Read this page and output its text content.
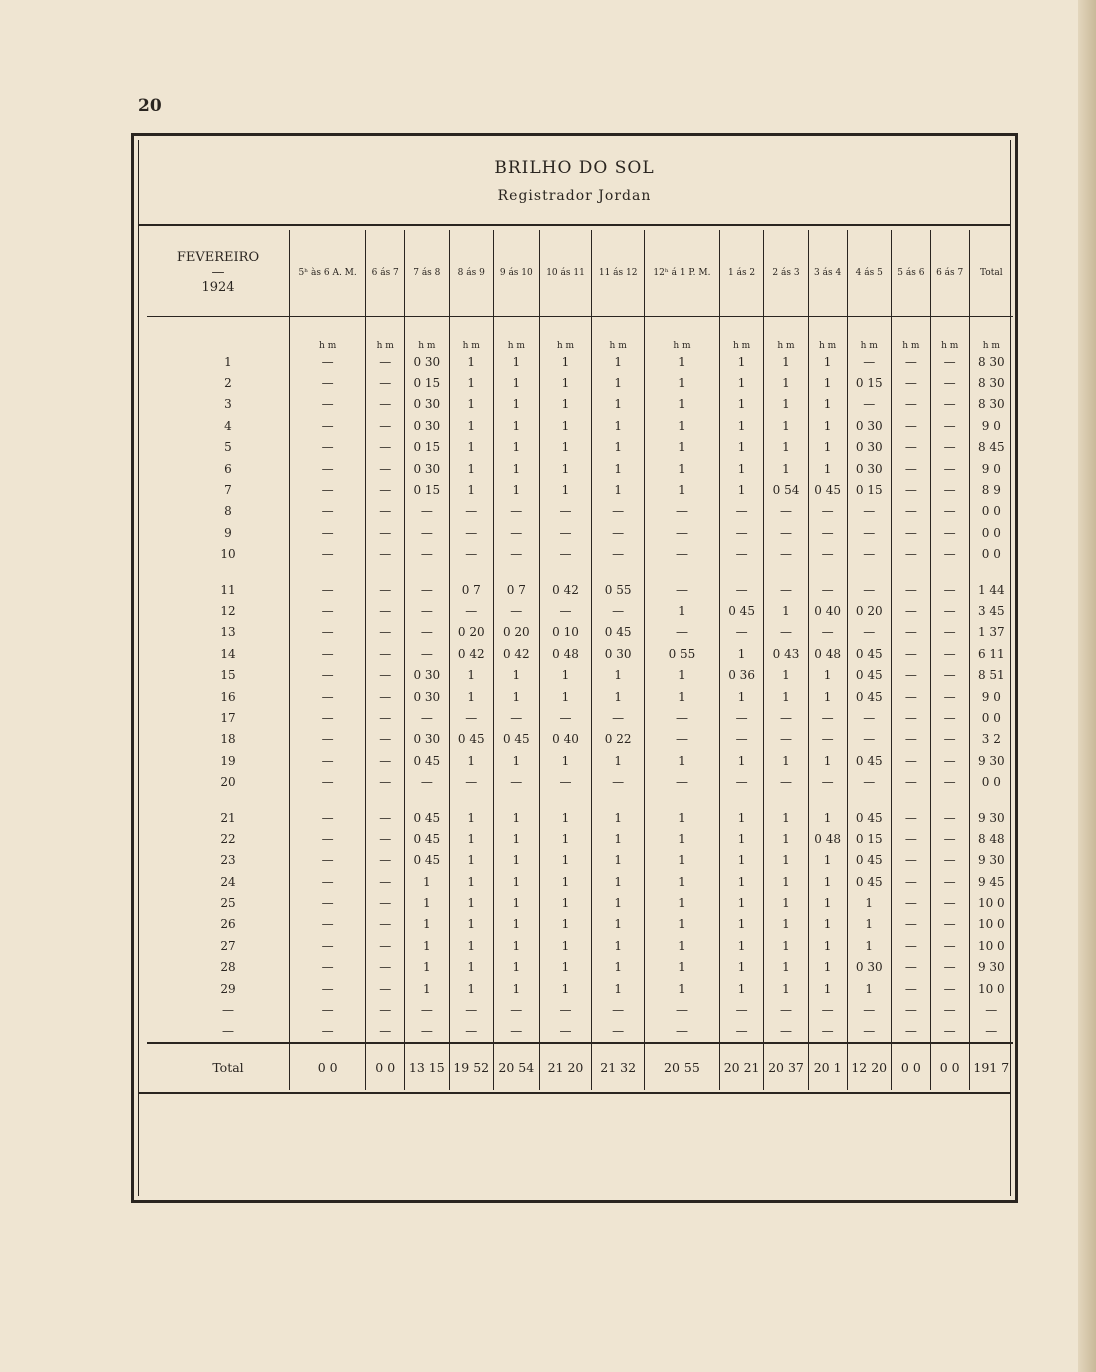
20
BRILHO DO SOL
Registrador Jordan
FEVEREIRO
—
1924	5ʰ às 6 A. M.	6 ás 7	7 ás 8	8 ás 9	9 ás 10	10 ás 11	11 ás 12	12ʰ á 1 P. M.	1 ás 2	2 ás 3	3 ás 4	4 ás 5	5 ás 6	6 ás 7	Total
	h m	h m	h m	h m	h m	h m	h m	h m	h m	h m	h m	h m	h m	h m	h m
1	—	—	0 30	1	1	1	1	1	1	1	1	—	—	—	8 30
2	—	—	0 15	1	1	1	1	1	1	1	1	0 15	—	—	8 30
3	—	—	0 30	1	1	1	1	1	1	1	1	—	—	—	8 30
4	—	—	0 30	1	1	1	1	1	1	1	1	0 30	—	—	9 0
5	—	—	0 15	1	1	1	1	1	1	1	1	0 30	—	—	8 45
6	—	—	0 30	1	1	1	1	1	1	1	1	0 30	—	—	9 0
7	—	—	0 15	1	1	1	1	1	1	0 54	0 45	0 15	—	—	8 9
8	—	—	—	—	—	—	—	—	—	—	—	—	—	—	0 0
9	—	—	—	—	—	—	—	—	—	—	—	—	—	—	0 0
10	—	—	—	—	—	—	—	—	—	—	—	—	—	—	0 0

11	—	—	—	0 7	0 7	0 42	0 55	—	—	—	—	—	—	—	1 44
12	—	—	—	—	—	—	—	1	0 45	1	0 40	0 20	—	—	3 45
13	—	—	—	0 20	0 20	0 10	0 45	—	—	—	—	—	—	—	1 37
14	—	—	—	0 42	0 42	0 48	0 30	0 55	1	0 43	0 48	0 45	—	—	6 11
15	—	—	0 30	1	1	1	1	1	0 36	1	1	0 45	—	—	8 51
16	—	—	0 30	1	1	1	1	1	1	1	1	0 45	—	—	9 0
17	—	—	—	—	—	—	—	—	—	—	—	—	—	—	0 0
18	—	—	0 30	0 45	0 45	0 40	0 22	—	—	—	—	—	—	—	3 2
19	—	—	0 45	1	1	1	1	1	1	1	1	0 45	—	—	9 30
20	—	—	—	—	—	—	—	—	—	—	—	—	—	—	0 0

21	—	—	0 45	1	1	1	1	1	1	1	1	0 45	—	—	9 30
22	—	—	0 45	1	1	1	1	1	1	1	0 48	0 15	—	—	8 48
23	—	—	0 45	1	1	1	1	1	1	1	1	0 45	—	—	9 30
24	—	—	1	1	1	1	1	1	1	1	1	0 45	—	—	9 45
25	—	—	1	1	1	1	1	1	1	1	1	1	—	—	10 0
26	—	—	1	1	1	1	1	1	1	1	1	1	—	—	10 0
27	—	—	1	1	1	1	1	1	1	1	1	1	—	—	10 0
28	—	—	1	1	1	1	1	1	1	1	1	0 30	—	—	9 30
29	—	—	1	1	1	1	1	1	1	1	1	1	—	—	10 0
—	—	—	—	—	—	—	—	—	—	—	—	—	—	—	—
—	—	—	—	—	—	—	—	—	—	—	—	—	—	—	—
Total	0 0	0 0	13 15	19 52	20 54	21 20	21 32	20 55	20 21	20 37	20 1	12 20	0 0	0 0	191 7
